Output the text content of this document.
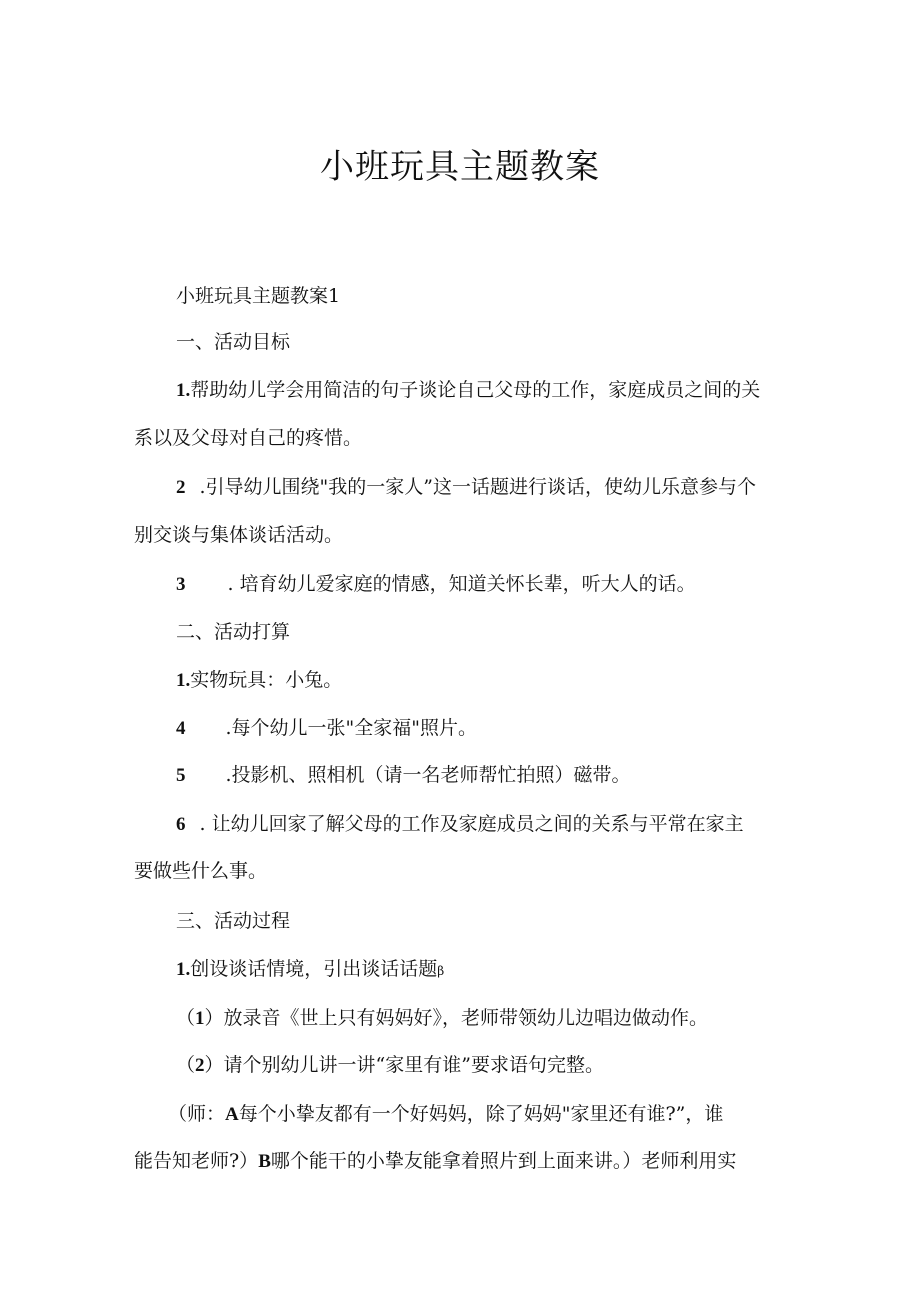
小班玩具主题教案
小班玩具主题教案1
一、活动目标
1.帮助幼儿学会用简洁的句子谈论自己父母的工作，家庭成员之间的关
系以及父母对自己的疼惜。
2 .引导幼儿围绕"我的一家人”这一话题进行谈话，使幼儿乐意参与个
别交谈与集体谈话活动。
3 . 培育幼儿爱家庭的情感，知道关怀长辈，听大人的话。
二、活动打算
1.实物玩具：小兔。
4 .每个幼儿一张"全家福"照片。
5 .投影机、照相机（请一名老师帮忙拍照）磁带。
6 . 让幼儿回家了解父母的工作及家庭成员之间的关系与平常在家主
要做些什么事。
三、活动过程
1.创设谈话情境，引出谈话话题β
（1）放录音《世上只有妈妈好》，老师带领幼儿边唱边做动作。
（2）请个别幼儿讲一讲“家里有谁”要求语句完整。
（师：A每个小挚友都有一个好妈妈，除了妈妈"家里还有谁?”，谁
能告知老师?）B哪个能干的小挚友能拿着照片到上面来讲。）老师利用实
